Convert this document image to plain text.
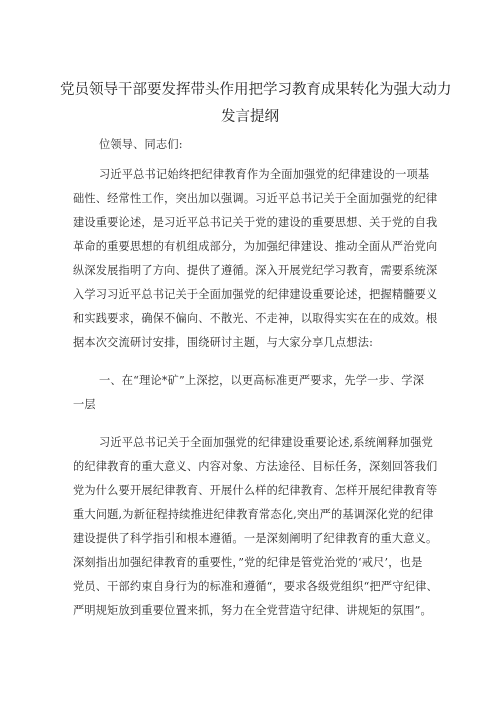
党员领导干部要发挥带头作用把学习教育成果转化为强大动力
发言提纲
位领导、同志们:
习近平总书记始终把纪律教育作为全面加强党的纪律建设的一项基
础性、经常性工作，突出加以强调。习近平总书记关于全面加强党的纪律
建设重要论述，是习近平总书记关于党的建设的重要思想、关于党的自我
革命的重要思想的有机组成部分，为加强纪律建设、推动全面从严治党向
纵深发展指明了方向、提供了遵循。深入开展党纪学习教育，需要系统深
入学习习近平总书记关于全面加强党的纪律建设重要论述，把握精髓要义
和实践要求，确保不偏向、不散光、不走神，以取得实实在在的成效。根
据本次交流研讨安排，围绕研讨主题，与大家分享几点想法:
一、在“理论*矿”上深挖，以更高标准更严要求，先学一步、学深
一层
习近平总书记关于全面加强党的纪律建设重要论述,系统阐释加强党
的纪律教育的重大意义、内容对象、方法途径、目标任务，深刻回答我们
党为什么要开展纪律教育、开展什么样的纪律教育、怎样开展纪律教育等
重大问题,为新征程持续推进纪律教育常态化,突出严的基调深化党的纪律
建设提供了科学指引和根本遵循。一是深刻阐明了纪律教育的重大意义。
深刻指出加强纪律教育的重要性，”党的纪律是管党治党的‘戒尺’，也是
党员、干部约束自身行为的标准和遵循“，要求各级党组织“把严守纪律、
严明规矩放到重要位置来抓，努力在全党营造守纪律、讲规矩的氛围”。
